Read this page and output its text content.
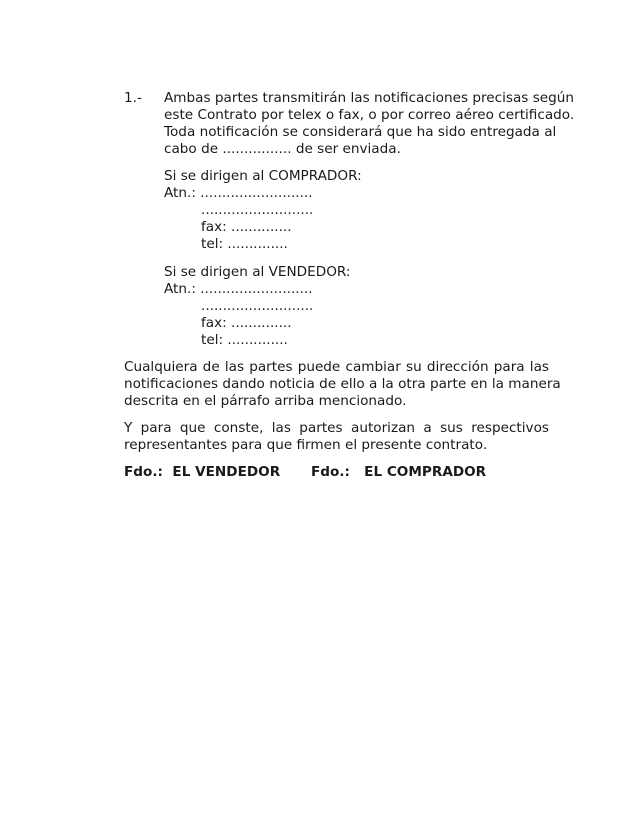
1.- Ambas partes transmitirán las notificaciones precisas según
este Contrato por telex o fax, o por correo aéreo certificado.
Toda notificación se considerará que ha sido entregada al
cabo de ................ de ser enviada.
Si se dirigen al COMPRADOR:
Atn.: ..........................
..........................
fax: ..............
tel: ..............
Si se dirigen al VENDEDOR:
Atn.: ..........................
..........................
fax: ..............
tel: ..............
Cualquiera de las partes puede cambiar su dirección para las
notificaciones dando noticia de ello a la otra parte en la manera
descrita en el párrafo arriba mencionado.
Y para que conste, las partes autorizan a sus respectivos
representantes para que firmen el presente contrato.
Fdo.:  EL VENDEDOR Fdo.:   EL COMPRADOR
